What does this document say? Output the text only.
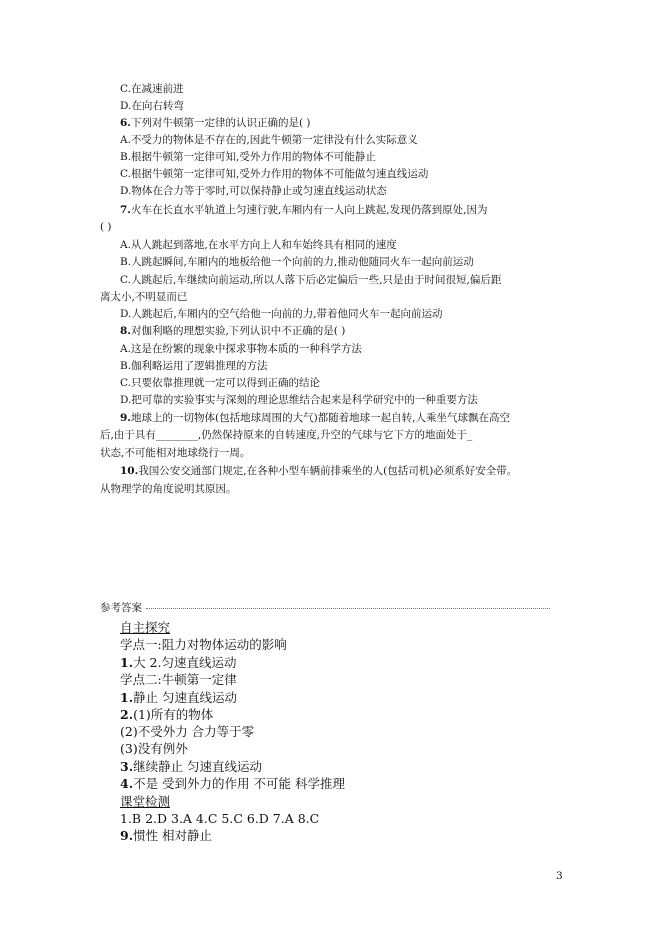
C.在减速前进
D.在向右转弯
6.下列对牛顿第一定律的认识正确的是( )
A.不受力的物体是不存在的,因此牛顿第一定律没有什么实际意义
B.根据牛顿第一定律可知,受外力作用的物体不可能静止
C.根据牛顿第一定律可知,受外力作用的物体不可能做匀速直线运动
D.物体在合力等于零时,可以保持静止或匀速直线运动状态
7.火车在长直水平轨道上匀速行驶,车厢内有一人向上跳起,发现仍落到原处,因为
( )
A.从人跳起到落地,在水平方向上人和车始终具有相同的速度
B.人跳起瞬间,车厢内的地板给他一个向前的力,推动他随同火车一起向前运动
C.人跳起后,车继续向前运动,所以人落下后必定偏后一些,只是由于时间很短,偏后距
离太小,不明显而已
D.人跳起后,车厢内的空气给他一向前的力,带着他同火车一起向前运动
8.对伽利略的理想实验,下列认识中不正确的是( )
A.这是在纷繁的现象中探求事物本质的一种科学方法
B.伽利略运用了逻辑推理的方法
C.只要依靠推理就一定可以得到正确的结论
D.把可靠的实验事实与深刻的理论思维结合起来是科学研究中的一种重要方法
9.地球上的一切物体(包括地球周围的大气)都随着地球一起自转,人乘坐气球飘在高空
后,由于具有________,仍然保持原来的自转速度,升空的气球与它下方的地面处于_
状态,不可能相对地球绕行一周。
10.我国公安交通部门规定,在各种小型车辆前排乘坐的人(包括司机)必须系好安全带。
从物理学的角度说明其原因。
参考答案
自主探究
学点一:阻力对物体运动的影响
1.大 2.匀速直线运动
学点二:牛顿第一定律
1.静止 匀速直线运动
2.(1)所有的物体
(2)不受外力 合力等于零
(3)没有例外
3.继续静止 匀速直线运动
4.不是 受到外力的作用 不可能 科学推理
课堂检测
1.B 2.D 3.A 4.C 5.C 6.D 7.A 8.C
9.惯性 相对静止
3
